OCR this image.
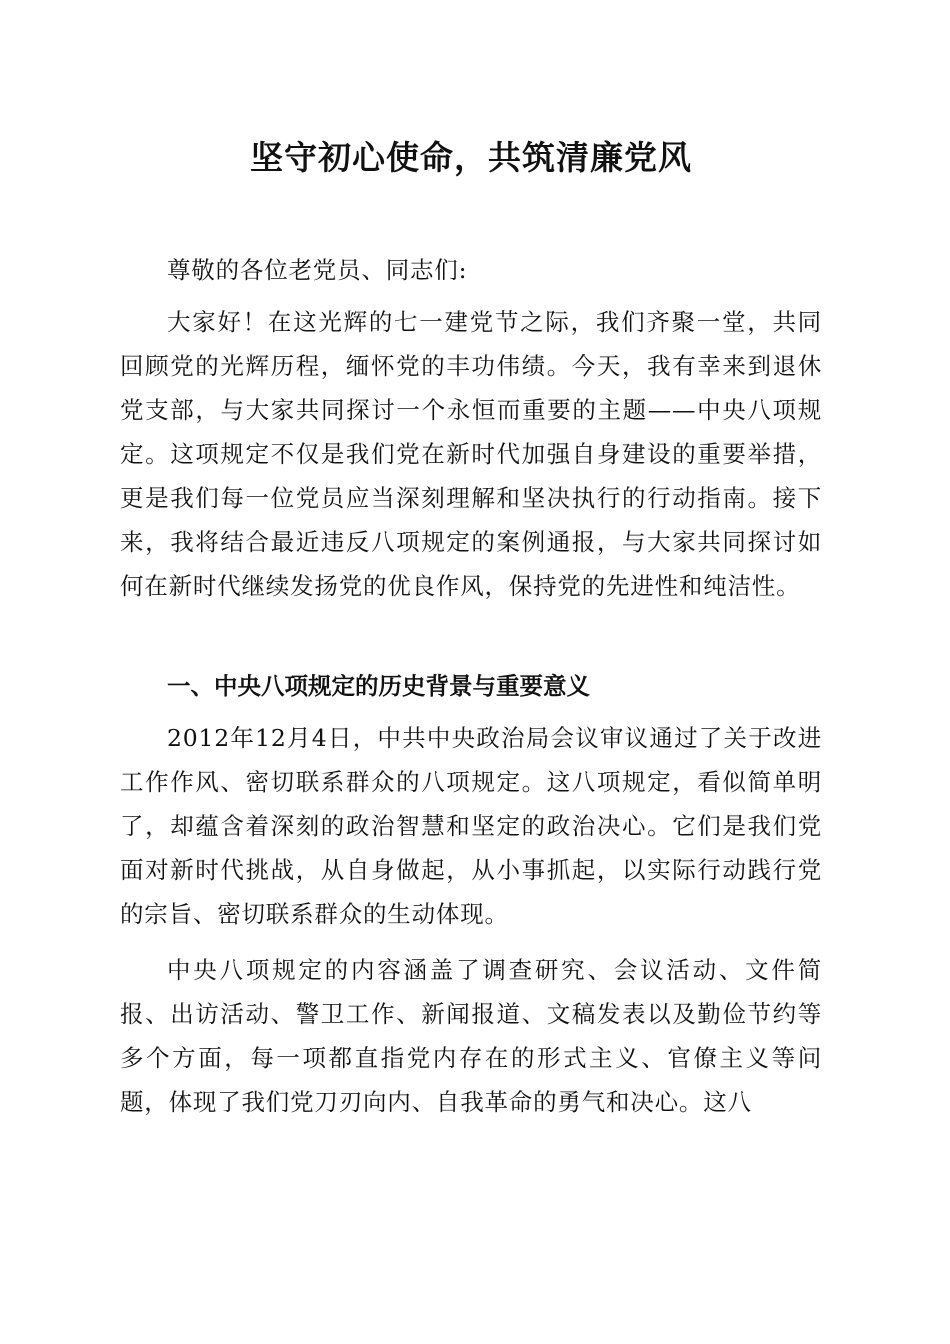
坚守初心使命，共筑清廉党风

尊敬的各位老党员、同志们:

大家好！在这光辉的七一建党节之际，我们齐聚一堂，共同回顾党的光辉历程，缅怀党的丰功伟绩。今天，我有幸来到退休党支部，与大家共同探讨一个永恒而重要的主题——中央八项规定。这项规定不仅是我们党在新时代加强自身建设的重要举措，更是我们每一位党员应当深刻理解和坚决执行的行动指南。接下来，我将结合最近违反八项规定的案例通报，与大家共同探讨如何在新时代继续发扬党的优良作风，保持党的先进性和纯洁性。

一、中央八项规定的历史背景与重要意义

2012年12月4日，中共中央政治局会议审议通过了关于改进工作作风、密切联系群众的八项规定。这八项规定，看似简单明了，却蕴含着深刻的政治智慧和坚定的政治决心。它们是我们党面对新时代挑战，从自身做起，从小事抓起，以实际行动践行党的宗旨、密切联系群众的生动体现。

中央八项规定的内容涵盖了调查研究、会议活动、文件简报、出访活动、警卫工作、新闻报道、文稿发表以及勤俭节约等多个方面，每一项都直指党内存在的形式主义、官僚主义等问题，体现了我们党刀刃向内、自我革命的勇气和决心。这八
